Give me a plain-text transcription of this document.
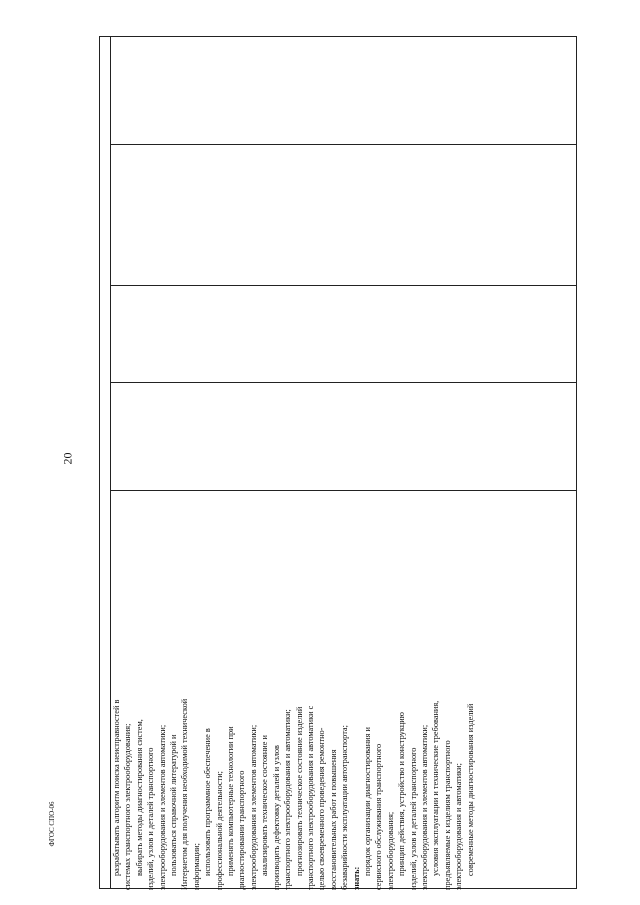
20
ФГОС СПО-06	разрабатывать алгоритм поиска неисправностей в системах транспортного электрооборудования; выбирать методы диагностирования систем, изделий, узлов и деталей транспортного электрооборудования и элементов автоматики; пользоваться справочной литературой и Интернетом для получения необходимой технической информации; использовать программное обеспечение в профессиональной деятельности; применять компьютерные технологии при диагностировании транспортного электрооборудования и элементов автоматики; анализировать техническое состояние и производить дефектовку деталей и узлов транспортного электрооборудования и автоматики; прогнозировать техническое состояние изделий транспортного электрооборудования и автоматики с целью своевременного проведения ремонтно- восстановительных работ и повышения безаварийности эксплуатации автотранспорта; знать:

порядок организации диагностирования и сервисного обслуживания транспортного электрооборудования; принцип действия, устройство и конструкцию изделий, узлов и деталей транспортного электрооборудования и элементов автоматики; условия эксплуатации и технические требования, предъявляемые к изделиям транспортного электрооборудования и автоматики; современные методы диагностирования изделий
